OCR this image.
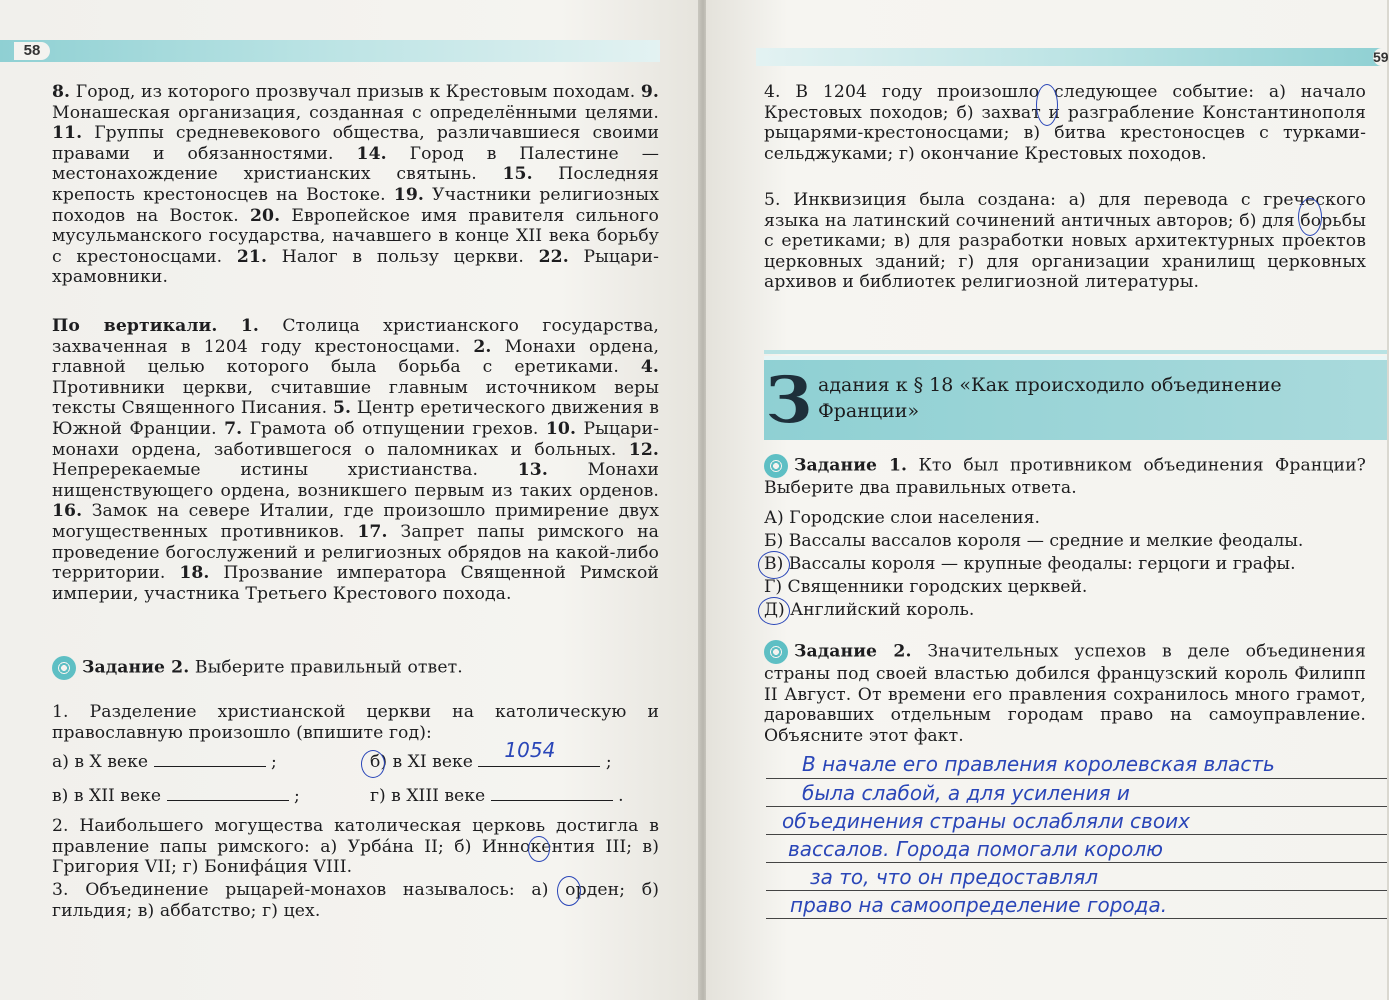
58
8. Город, из которого прозвучал призыв к Крестовым походам. 9. Монашеская организация, созданная с определёнными целями. 11. Группы средневекового общества, различавшиеся своими правами и обязанностями. 14. Город в Палестине — местонахождение христианских святынь. 15. Последняя крепость крестоносцев на Востоке. 19. Участники религиозных походов на Восток. 20. Европейское имя правителя сильного мусульманского государства, начавшего в конце XII века борьбу с крестоносцами. 21. Налог в пользу церкви. 22. Рыцари-храмовники.
По вертикали. 1. Столица христианского государства, захваченная в 1204 году крестоносцами. 2. Монахи ордена, главной целью которого была борьба с еретиками. 4. Противники церкви, считавшие главным источником веры тексты Священного Писания. 5. Центр еретического движения в Южной Франции. 7. Грамота об отпущении грехов. 10. Рыцари-монахи ордена, заботившегося о паломниках и больных. 12. Непререкаемые истины христианства. 13. Монахи нищенствующего ордена, возникшего первым из таких орденов. 16. Замок на севере Италии, где произошло примирение двух могущественных противников. 17. Запрет папы римского на проведение богослужений и религиозных обрядов на какой-либо территории. 18. Прозвание императора Священной Римской империи, участника Третьего Крестового похода.
Задание 2. Выберите правильный ответ.
1. Разделение христианской церкви на католическую и православную произошло (впишите год):
а) в X веке	;	б) в XI веке 1054	;
в) в XII веке	;	г) в XIII веке	.
2. Наибольшего могущества католическая церковь достигла в правление папы римского: а) Урба́на II; б) Иннокентия III; в) Григория VII; г) Бонифа́ция VIII.
3. Объединение рыцарей-монахов называлось: а) орден; б) гильдия; в) аббатство; г) цех.
59
4. В 1204 году произошло следующее событие: а) начало Крестовых походов; б) захват и разграбление Константинополя рыцарями-крестоносцами; в) битва крестоносцев с турками-сельджуками; г) окончание Крестовых походов.
5. Инквизиция была создана: а) для перевода с греческого языка на латинский сочинений античных авторов; б) для борьбы с еретиками; в) для разработки новых архитектурных проектов церковных зданий; г) для организации хранилищ церковных архивов и библиотек религиозной литературы.
З адания к § 18 «Как происходило объединение Франции»
Задание 1. Кто был противником объединения Франции? Выберите два правильных ответа.
А) Городские слои населения.
Б) Вассалы вассалов короля — средние и мелкие феодалы.
В) Вассалы короля — крупные феодалы: герцоги и графы.
Г) Священники городских церквей.
Д) Английский король.
Задание 2. Значительных успехов в деле объединения страны под своей властью добился французский король Филипп II Август. От времени его правления сохранилось много грамот, даровавших отдельным городам право на самоуправление. Объясните этот факт.
В начале его правления королевская власть
была слабой, а для усиления и
объединения страны ослабляли своих
вассалов. Города помогали королю
за то, что он предоставлял
право на самоопределение города.
